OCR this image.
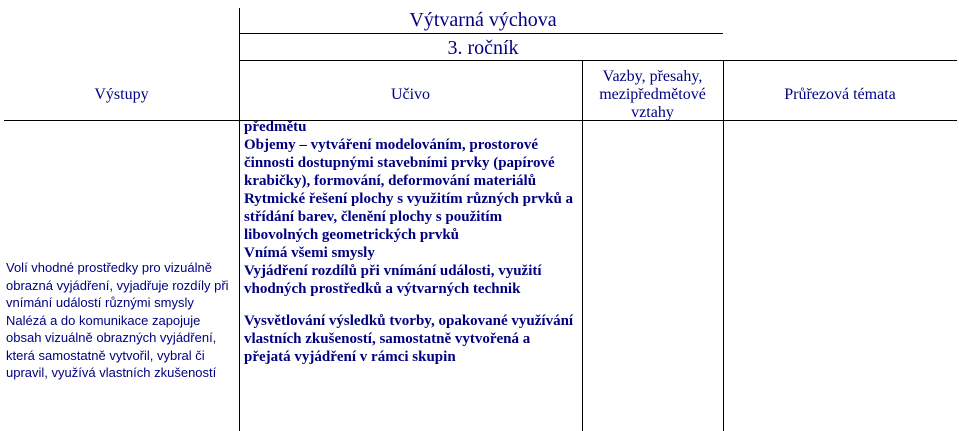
Výtvarná výchova
3. ročník
Výstupy	Učivo
Vazby, přesahy,
mezipředmětové
vztahy
Průřezová témata

Volí vhodné prostředky pro vizuálně obrazná vyjádření, vyjadřuje rozdíly při vnímání událostí různými smysly

Nalézá a do komunikace zapojuje obsah vizuálně obrazných vyjádření, která samostatně vytvořil, vybral či upravil, využívá vlastních zkušeností

předmětu

Objemy – vytváření modelováním, prostorové činnosti dostupnými stavebními prvky (papírové krabičky), formování, deformování materiálů

Rytmické řešení plochy s využitím různých prvků a střídání barev, členění plochy s použitím libovolných geometrických prvků

Vnímá všemi smysly

Vyjádření rozdílů při vnímání události, využití vhodných prostředků a výtvarných technik

Vysvětlování výsledků tvorby, opakované využívání vlastních zkušeností, samostatně vytvořená a přejatá vyjádření v rámci skupin
